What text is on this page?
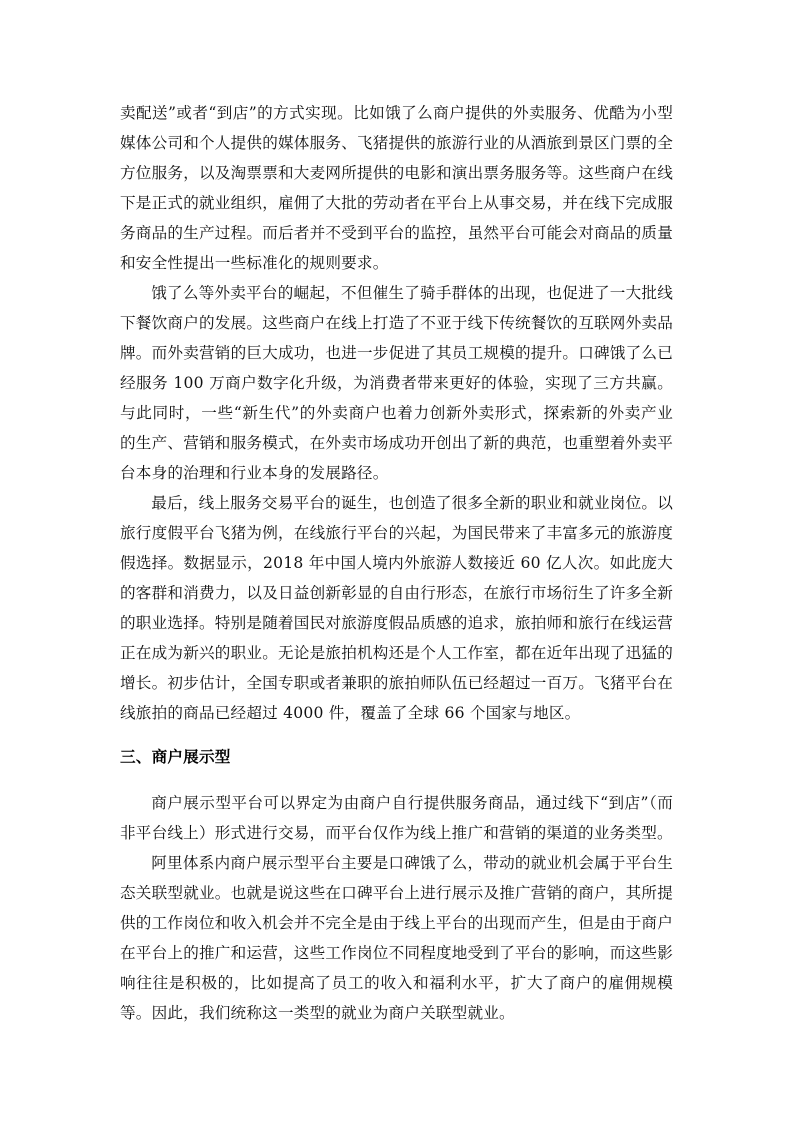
卖配送”或者“到店”的方式实现。比如饿了么商户提供的外卖服务、优酷为小型媒体公司和个人提供的媒体服务、飞猪提供的旅游行业的从酒旅到景区门票的全方位服务，以及淘票票和大麦网所提供的电影和演出票务服务等。这些商户在线下是正式的就业组织，雇佣了大批的劳动者在平台上从事交易，并在线下完成服务商品的生产过程。而后者并不受到平台的监控，虽然平台可能会对商品的质量和安全性提出一些标准化的规则要求。

饿了么等外卖平台的崛起，不但催生了骑手群体的出现，也促进了一大批线下餐饮商户的发展。这些商户在线上打造了不亚于线下传统餐饮的互联网外卖品牌。而外卖营销的巨大成功，也进一步促进了其员工规模的提升。口碑饿了么已经服务 100 万商户数字化升级，为消费者带来更好的体验，实现了三方共赢。与此同时，一些“新生代”的外卖商户也着力创新外卖形式，探索新的外卖产业的生产、营销和服务模式，在外卖市场成功开创出了新的典范，也重塑着外卖平台本身的治理和行业本身的发展路径。

最后，线上服务交易平台的诞生，也创造了很多全新的职业和就业岗位。以旅行度假平台飞猪为例，在线旅行平台的兴起，为国民带来了丰富多元的旅游度假选择。数据显示，2018 年中国人境内外旅游人数接近 60 亿人次。如此庞大的客群和消费力，以及日益创新彰显的自由行形态，在旅行市场衍生了许多全新的职业选择。特别是随着国民对旅游度假品质感的追求，旅拍师和旅行在线运营正在成为新兴的职业。无论是旅拍机构还是个人工作室，都在近年出现了迅猛的增长。初步估计，全国专职或者兼职的旅拍师队伍已经超过一百万。飞猪平台在线旅拍的商品已经超过 4000 件，覆盖了全球 66 个国家与地区。

三、商户展示型

商户展示型平台可以界定为由商户自行提供服务商品，通过线下“到店”（而非平台线上）形式进行交易，而平台仅作为线上推广和营销的渠道的业务类型。

阿里体系内商户展示型平台主要是口碑饿了么，带动的就业机会属于平台生态关联型就业。也就是说这些在口碑平台上进行展示及推广营销的商户，其所提供的工作岗位和收入机会并不完全是由于线上平台的出现而产生，但是由于商户在平台上的推广和运营，这些工作岗位不同程度地受到了平台的影响，而这些影响往往是积极的，比如提高了员工的收入和福利水平，扩大了商户的雇佣规模等。因此，我们统称这一类型的就业为商户关联型就业。
